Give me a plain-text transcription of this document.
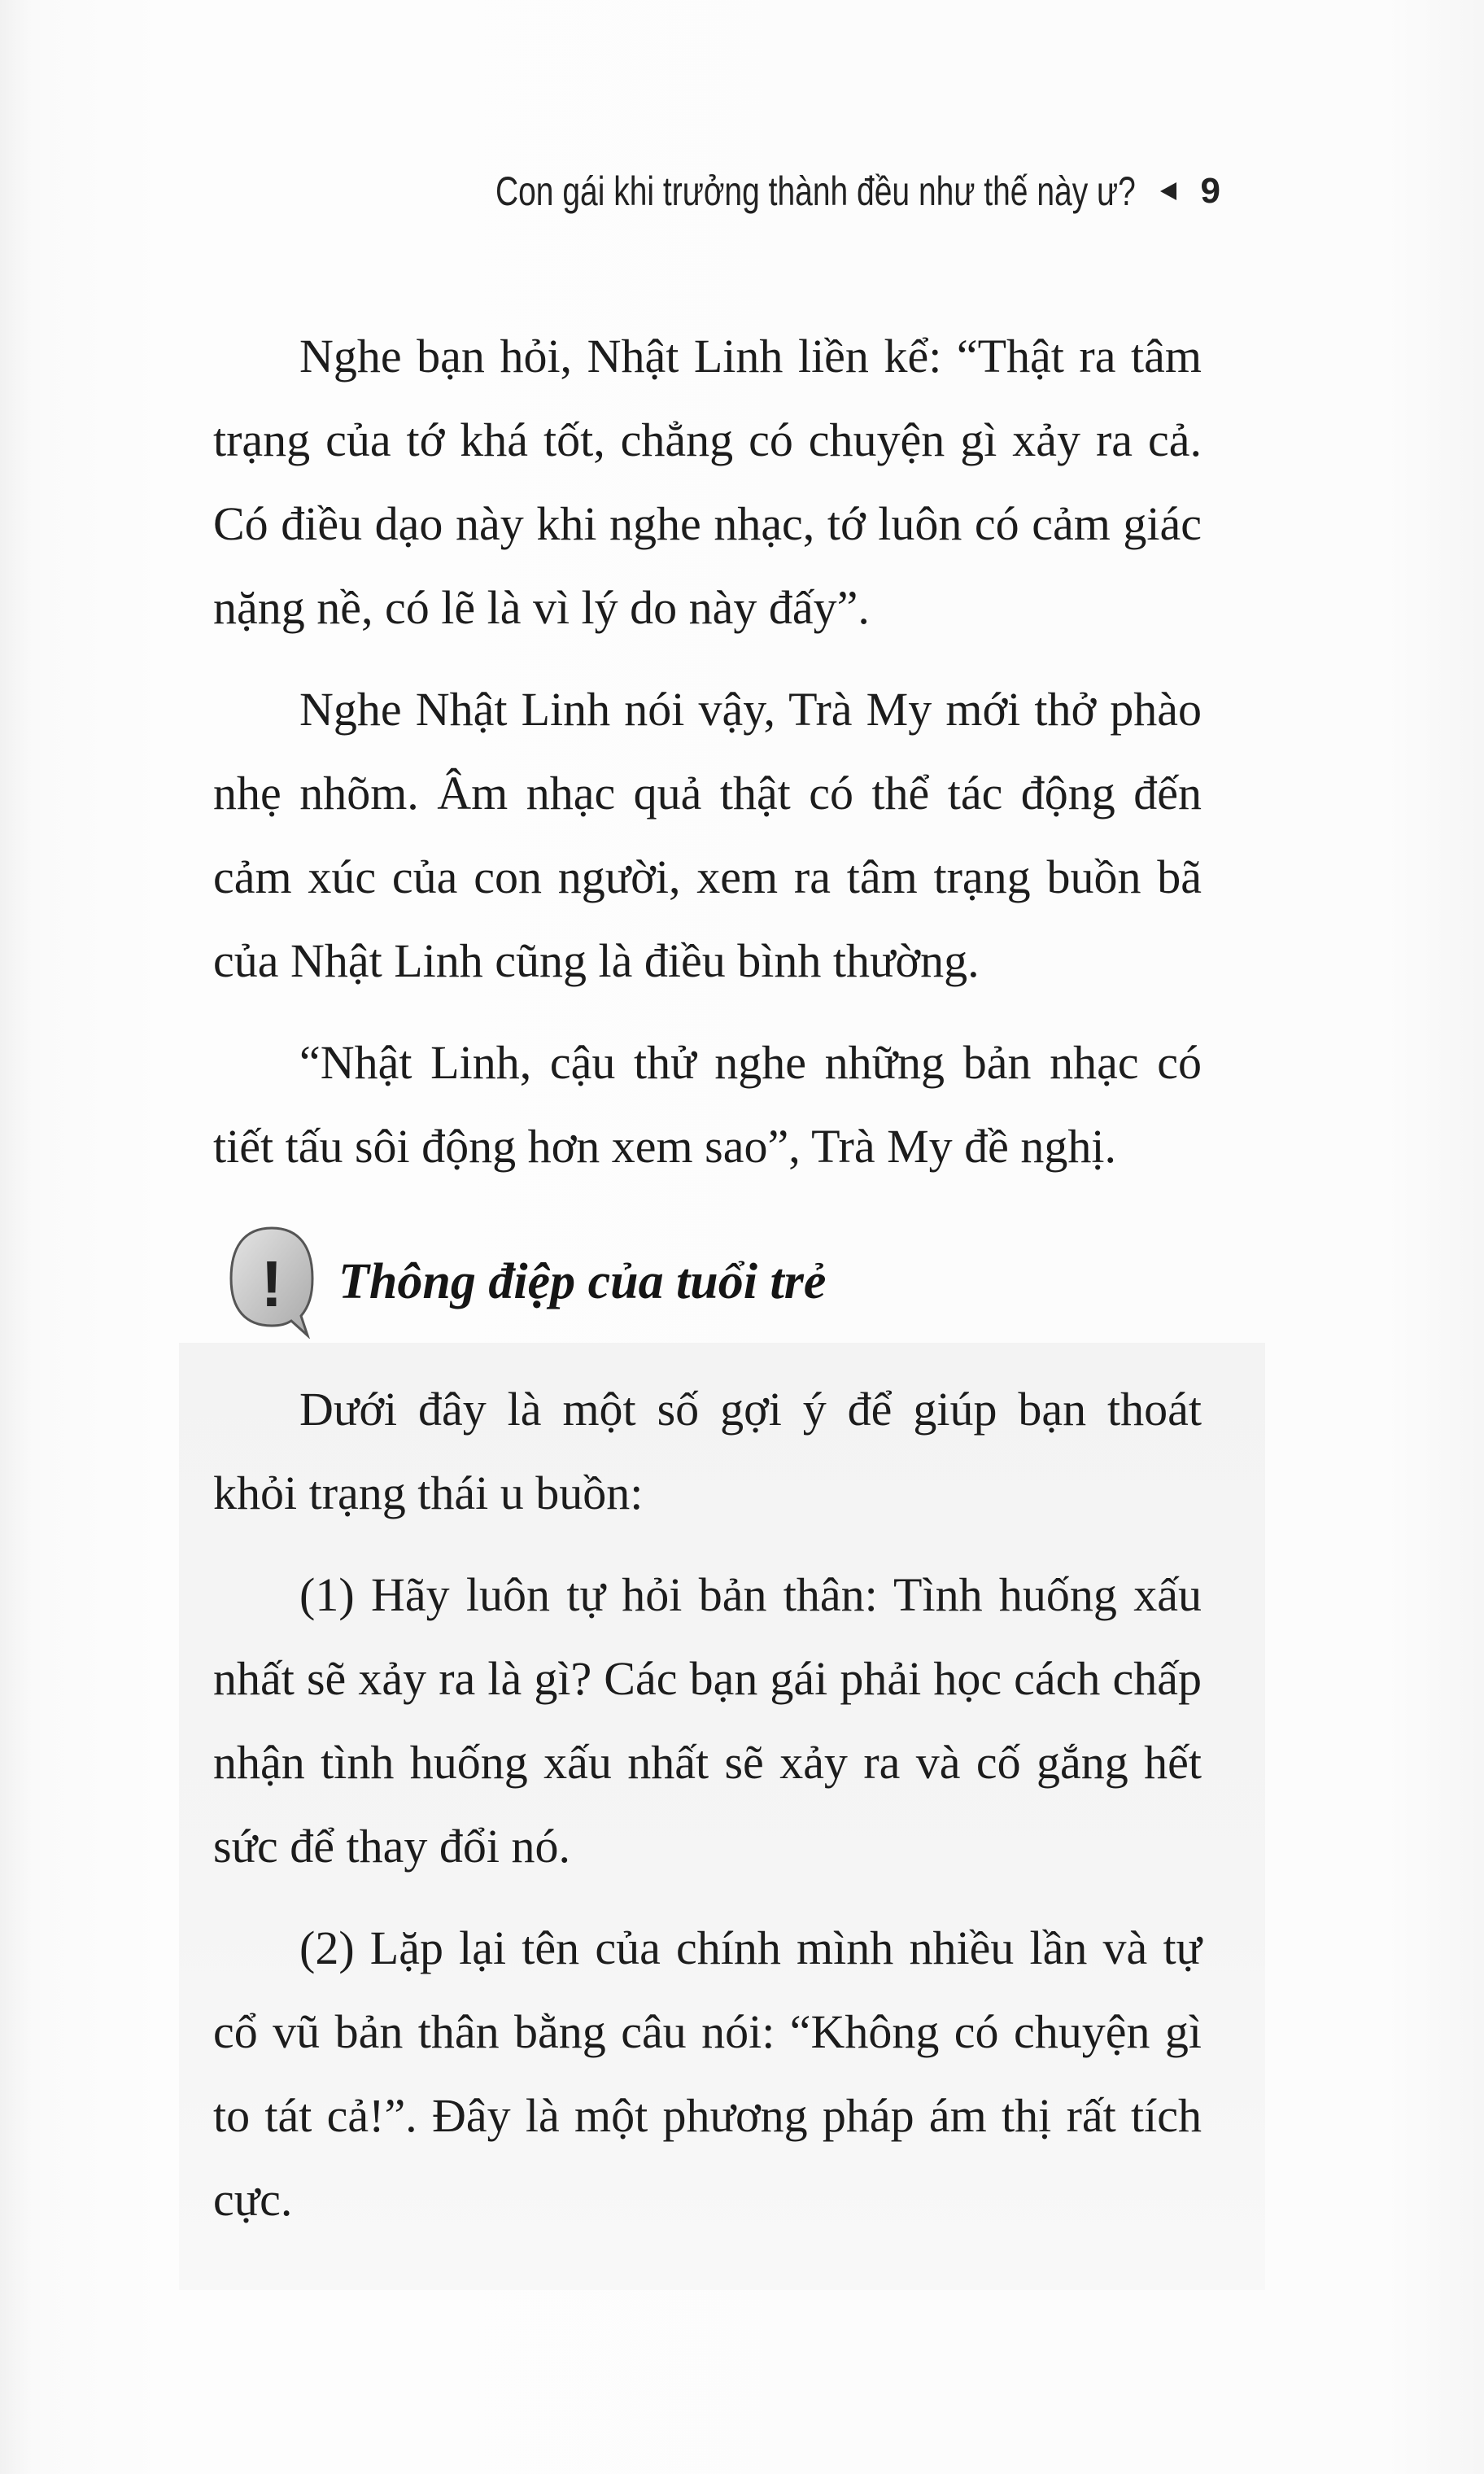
Con gái khi trưởng thành đều như thế này ư? 9

Nghe bạn hỏi, Nhật Linh liền kể: “Thật ra tâm trạng của tớ khá tốt, chẳng có chuyện gì xảy ra cả. Có điều dạo này khi nghe nhạc, tớ luôn có cảm giác nặng nề, có lẽ là vì lý do này đấy”.

Nghe Nhật Linh nói vậy, Trà My mới thở phào nhẹ nhõm. Âm nhạc quả thật có thể tác động đến cảm xúc của con người, xem ra tâm trạng buồn bã của Nhật Linh cũng là điều bình thường.

“Nhật Linh, cậu thử nghe những bản nhạc có tiết tấu sôi động hơn xem sao”, Trà My đề nghị.

! Thông điệp của tuổi trẻ

Dưới đây là một số gợi ý để giúp bạn thoát khỏi trạng thái u buồn:

(1) Hãy luôn tự hỏi bản thân: Tình huống xấu nhất sẽ xảy ra là gì? Các bạn gái phải học cách chấp nhận tình huống xấu nhất sẽ xảy ra và cố gắng hết sức để thay đổi nó.

(2) Lặp lại tên của chính mình nhiều lần và tự cổ vũ bản thân bằng câu nói: “Không có chuyện gì to tát cả!”. Đây là một phương pháp ám thị rất tích cực.
